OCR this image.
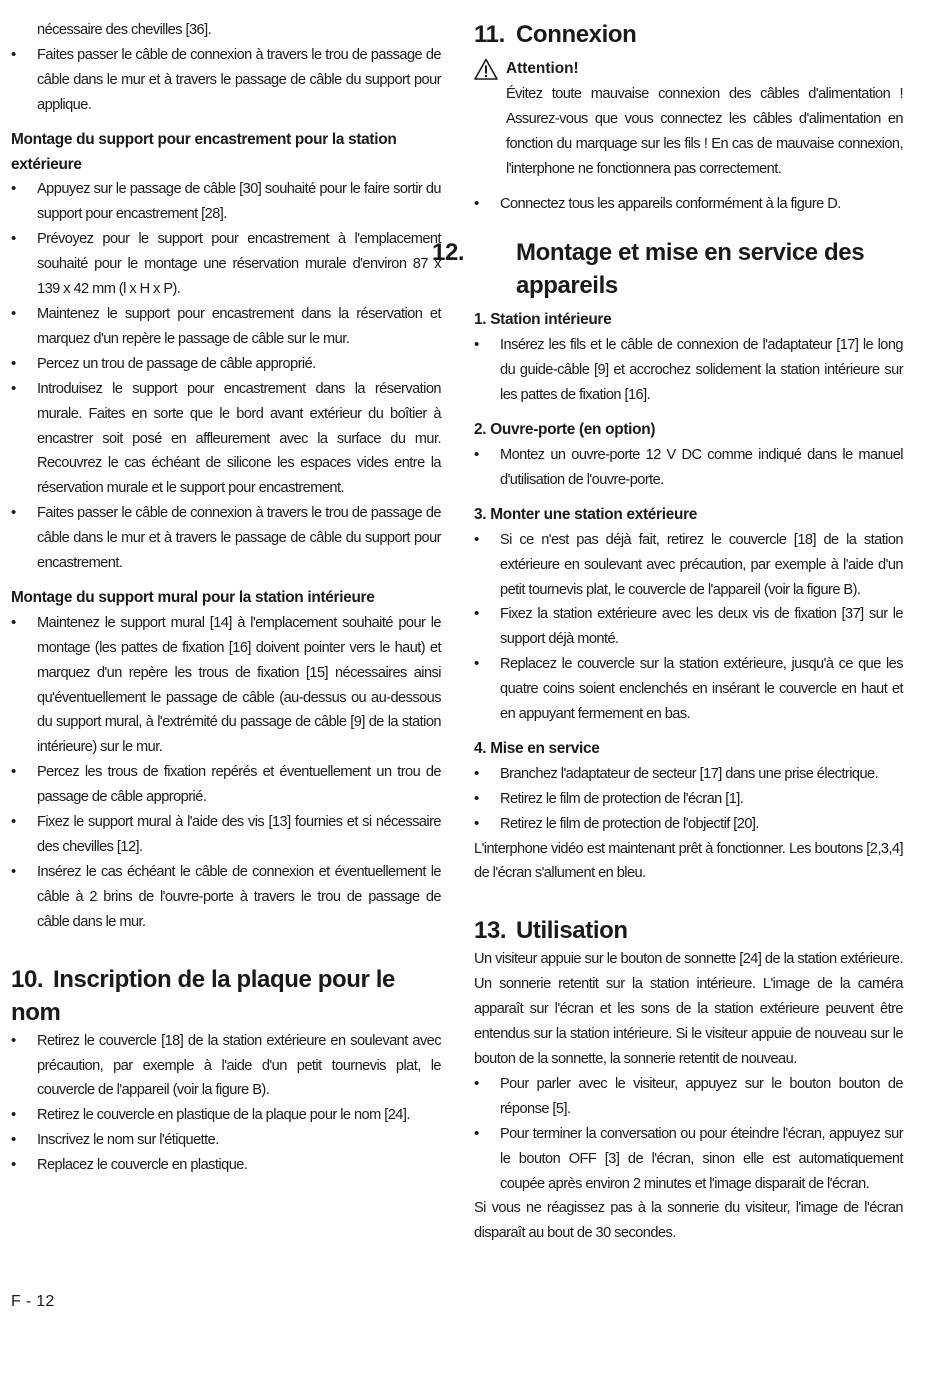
nécessaire des chevilles [36].

• Faites passer le câble de connexion à travers le trou de passage de câble dans le mur et à travers le passage de câble du support pour applique.

Montage du support pour encastrement pour la station extérieure

• Appuyez sur le passage de câble [30] souhaité pour le faire sortir du support pour encastrement [28].
• Prévoyez pour le support pour encastrement à l'emplacement souhaité pour le montage une réservation murale d'environ 87 x 139 x 42 mm (l x H x P).
• Maintenez le support pour encastrement dans la réservation et marquez d'un repère le passage de câble sur le mur.
• Percez un trou de passage de câble approprié.
• Introduisez le support pour encastrement dans la réservation murale. Faites en sorte que le bord avant extérieur du boîtier à encastrer soit posé en affleurement avec la surface du mur. Recouvrez le cas échéant de silicone les espaces vides entre la réservation murale et le support pour encastrement.
• Faites passer le câble de connexion à travers le trou de passage de câble dans le mur et à travers le passage de câble du support pour encastrement.

Montage du support mural pour la station intérieure

• Maintenez le support mural [14] à l'emplacement souhaité pour le montage (les pattes de fixation [16] doivent pointer vers le haut) et marquez d'un repère les trous de fixation [15] nécessaires ainsi qu'éventuellement le passage de câble (au-dessus ou au-dessous du support mural, à l'extrémité du passage de câble [9] de la station intérieure) sur le mur.
• Percez les trous de fixation repérés et éventuellement un trou de passage de câble approprié.
• Fixez le support mural à l'aide des vis [13] fournies et si nécessaire des chevilles [12].
• Insérez le cas échéant le câble de connexion et éventuellement le câble à 2 brins de l'ouvre-porte à travers le trou de passage de câble dans le mur.
10. Inscription de la plaque pour le nom
• Retirez le couvercle [18] de la station extérieure en soulevant avec précaution, par exemple à l'aide d'un petit tournevis plat, le couvercle de l'appareil (voir la figure B).
• Retirez le couvercle en plastique de la plaque pour le nom [24].
• Inscrivez le nom sur l'étiquette.
• Replacez le couvercle en plastique.
11. Connexion
Attention!

Évitez toute mauvaise connexion des câbles d'alimentation ! Assurez-vous que vous connectez les câbles d'alimentation en fonction du marquage sur les fils ! En cas de mauvaise connexion, l'interphone ne fonctionnera pas correctement.

• Connectez tous les appareils conformément à la figure D.
12. Montage et mise en service des appareils

1. Station intérieure

• Insérez les fils et le câble de connexion de l'adaptateur [17] le long du guide-câble [9] et accrochez solidement la station intérieure sur les pattes de fixation [16].

2. Ouvre-porte (en option)

• Montez un ouvre-porte 12 V DC comme indiqué dans le manuel d'utilisation de l'ouvre-porte.

3. Monter une station extérieure

• Si ce n'est pas déjà fait, retirez le couvercle [18] de la station extérieure en soulevant avec précaution, par exemple à l'aide d'un petit tournevis plat, le couvercle de l'appareil (voir la figure B).
• Fixez la station extérieure avec les deux vis de fixation [37] sur le support déjà monté.
• Replacez le couvercle sur la station extérieure, jusqu'à ce que les quatre coins soient enclenchés en insérant le couvercle en haut et en appuyant fermement en bas.

4. Mise en service

• Branchez l'adaptateur de secteur [17] dans une prise électrique.
• Retirez le film de protection de l'écran [1].
• Retirez le film de protection de l'objectif [20].

L'interphone vidéo est maintenant prêt à fonctionner. Les boutons [2,3,4] de l'écran s'allument en bleu.

13. Utilisation

Un visiteur appuie sur le bouton de sonnette [24] de la station extérieure. Un sonnerie retentit sur la station intérieure. L'image de la caméra apparaît sur l'écran et les sons de la station extérieure peuvent être entendus sur la station intérieure. Si le visiteur appuie de nouveau sur le bouton de la sonnette, la sonnerie retentit de nouveau.

• Pour parler avec le visiteur, appuyez sur le bouton bouton de réponse [5].
• Pour terminer la conversation ou pour éteindre l'écran, appuyez sur le bouton OFF [3] de l'écran, sinon elle est automatiquement coupée après environ 2 minutes et l'image disparait de l'écran.

Si vous ne réagissez pas à la sonnerie du visiteur, l'image de l'écran disparaît au bout de 30 secondes.

F - 12
